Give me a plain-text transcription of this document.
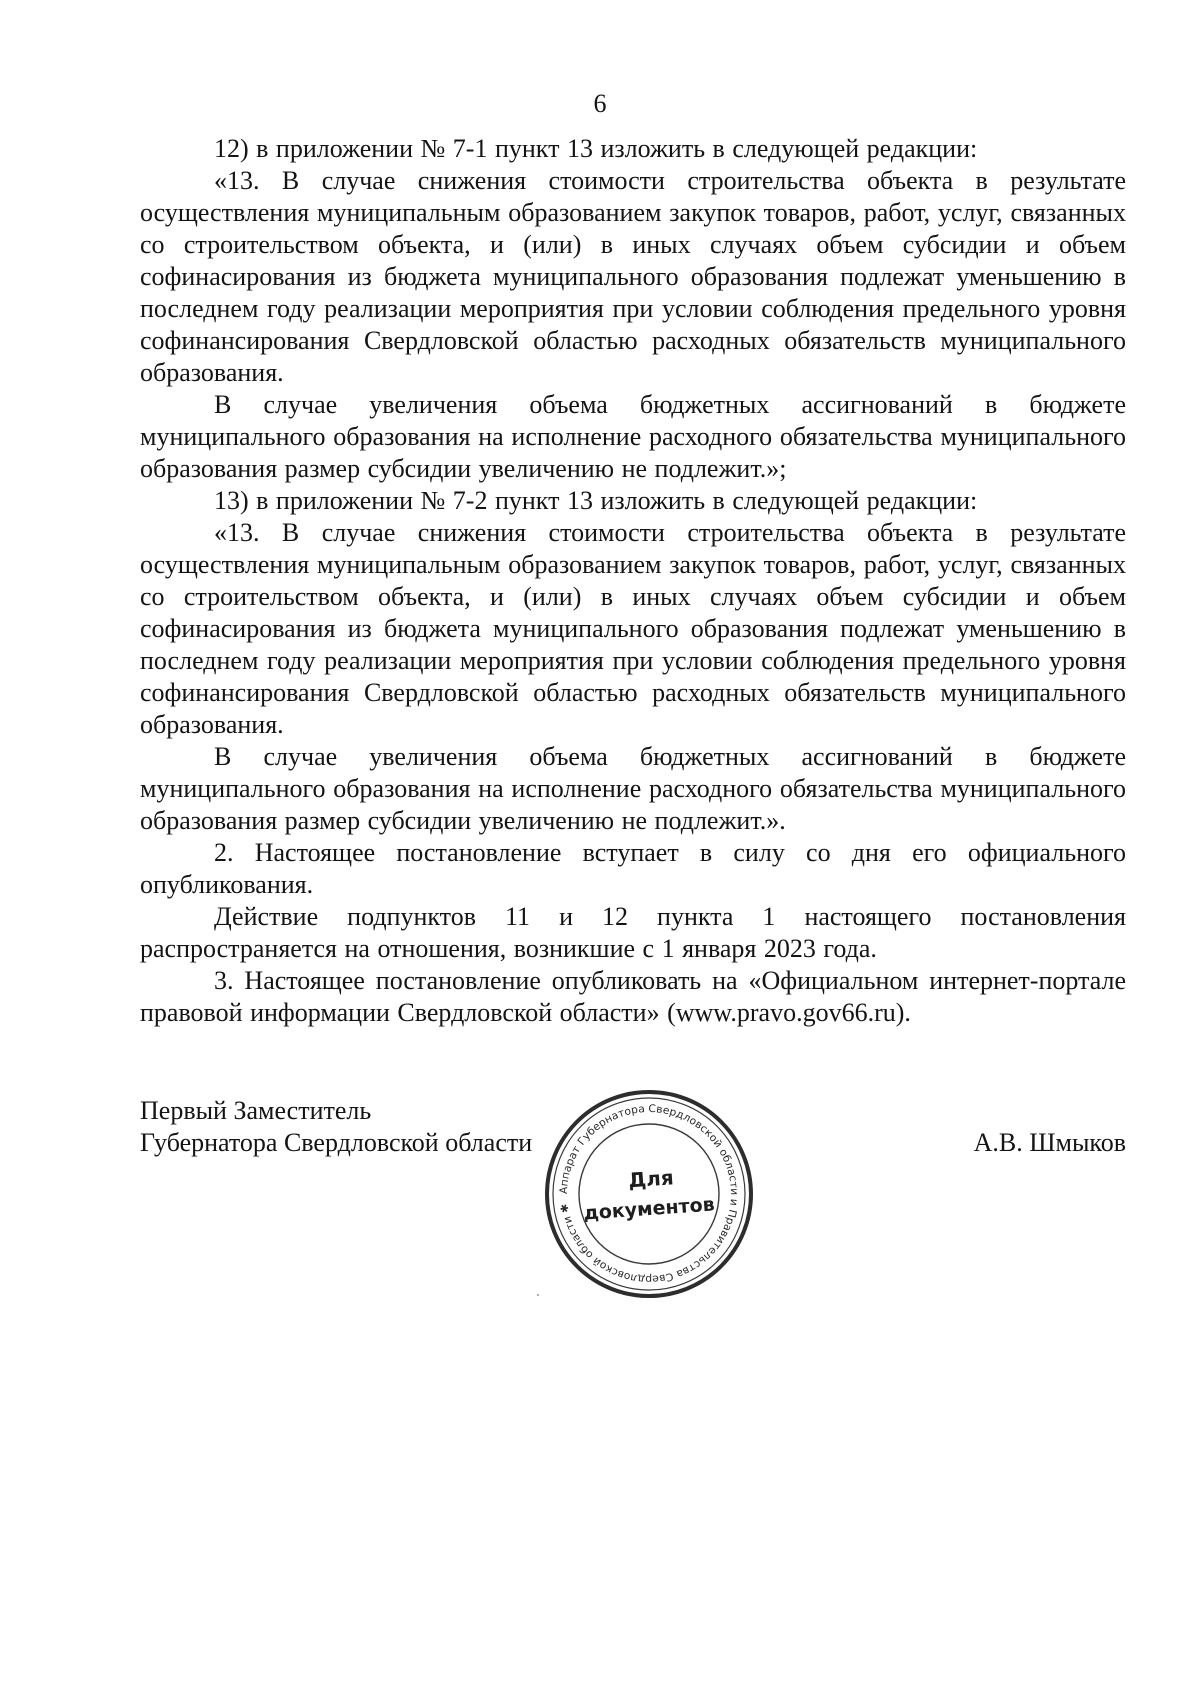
6

12) в приложении № 7-1 пункт 13 изложить в следующей редакции:

«13. В случае снижения стоимости строительства объекта в результате осуществления муниципальным образованием закупок товаров, работ, услуг, связанных со строительством объекта, и (или) в иных случаях объем субсидии и объем софинасирования из бюджета муниципального образования подлежат уменьшению в последнем году реализации мероприятия при условии соблюдения предельного уровня софинансирования Свердловской областью расходных обязательств муниципального образования.

В случае увеличения объема бюджетных ассигнований в бюджете муниципального образования на исполнение расходного обязательства муниципального образования размер субсидии увеличению не подлежит.»;

13) в приложении № 7-2 пункт 13 изложить в следующей редакции:

«13. В случае снижения стоимости строительства объекта в результате осуществления муниципальным образованием закупок товаров, работ, услуг, связанных со строительством объекта, и (или) в иных случаях объем субсидии и объем софинасирования из бюджета муниципального образования подлежат уменьшению в последнем году реализации мероприятия при условии соблюдения предельного уровня софинансирования Свердловской областью расходных обязательств муниципального образования.

В случае увеличения объема бюджетных ассигнований в бюджете муниципального образования на исполнение расходного обязательства муниципального образования размер субсидии увеличению не подлежит.».

2. Настоящее постановление вступает в силу со дня его официального опубликования.

Действие подпунктов 11 и 12 пункта 1 настоящего постановления распространяется на отношения, возникшие с 1 января 2023 года.

3. Настоящее постановление опубликовать на «Официальном интернет-портале правовой информации Свердловской области» (www.pravo.gov66.ru).

Первый Заместитель

Губернатора Свердловской области	А.В. Шмыков
Аппарат Губернатора Свердловской области и Правительства Свердловской области ✱
Для
документов
